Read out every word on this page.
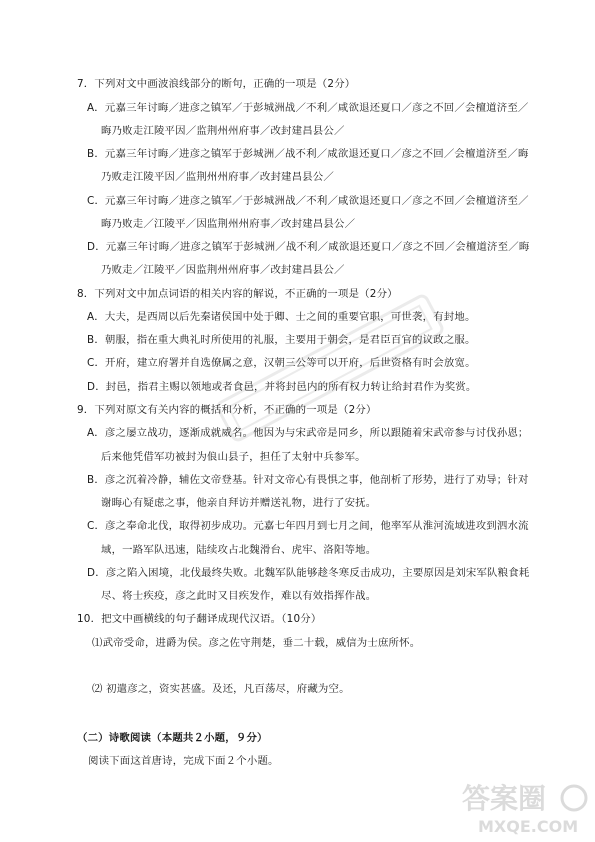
7．下列对文中画波浪线部分的断句，正确的一项是（2分）
A．元嘉三年讨晦／进彦之镇军／于彭城洲战／不利／咸欲退还夏口／彦之不回／会檀道济至／
晦乃败走江陵平因／监荆州州府事／改封建昌县公／
B．元嘉三年讨晦／进彦之镇军于彭城洲／战不利／咸欲退还夏口／彦之不回／会檀道济至／晦
乃败走江陵平因／监荆州州府事／改封建昌县公／
C．元嘉三年讨晦／进彦之镇军／于彭城洲战／不利／咸欲退还夏口／彦之不回／会檀道济至／
晦乃败走／江陵平／因监荆州州府事／改封建昌县公／
D．元嘉三年讨晦／进彦之镇军于彭城洲／战不利／咸欲退还夏口／彦之不回／会檀道济至／晦
乃败走／江陵平／因监荆州州府事／改封建昌县公／
8．下列对文中加点词语的相关内容的解说，不正确的一项是（2分）
A．大夫，是西周以后先秦诸侯国中处于卿、士之间的重要官职，可世袭，有封地。
B．朝服，指在重大典礼时所使用的礼服，主要用于朝会，是君臣百官的议政之服。
C．开府，建立府署并自选僚属之意，汉朝三公等可以开府，后世资格有时会放宽。
D．封邑，指君主赐以领地或者食邑，并将封邑内的所有权力转让给封君作为奖赏。
9．下列对原文有关内容的概括和分析，不正确的一项是（2分）
A．彦之屡立战功，逐渐成就威名。他因为与宋武帝是同乡，所以跟随着宋武帝参与讨伐孙恩；
后来他凭借军功被封为俍山县子，担任了太射中兵参军。
B．彦之沉着冷静，辅佐文帝登基。针对文帝心有畏惧之事，他剖析了形势，进行了劝导；针对
谢晦心有疑虑之事，他亲自拜访并赠送礼物，进行了安抚。
C．彦之奉命北伐，取得初步成功。元嘉七年四月到七月之间，他率军从淮河流域进攻到泗水流
域，一路军队迅速，陆续攻占北魏滑台、虎牢、洛阳等地。
D．彦之陷入困境，北伐最终失败。北魏军队能够趁冬寒反击成功，主要原因是刘宋军队粮食耗
尽、将士疾疫，彦之此时又目疾发作，难以有效指挥作战。
10．把文中画横线的句子翻译成现代汉语。（10分）
⑴武帝受命，进爵为侯。彦之佐守荆楚，垂二十载，威信为士庶所怀。
⑵ 初遣彦之，资实甚盛。及还，凡百荡尽，府藏为空。
（二）诗歌阅读（本题共２小题，９分）
阅读下面这首唐诗，完成下面２个小题。
答案圈
MXQE.COM
